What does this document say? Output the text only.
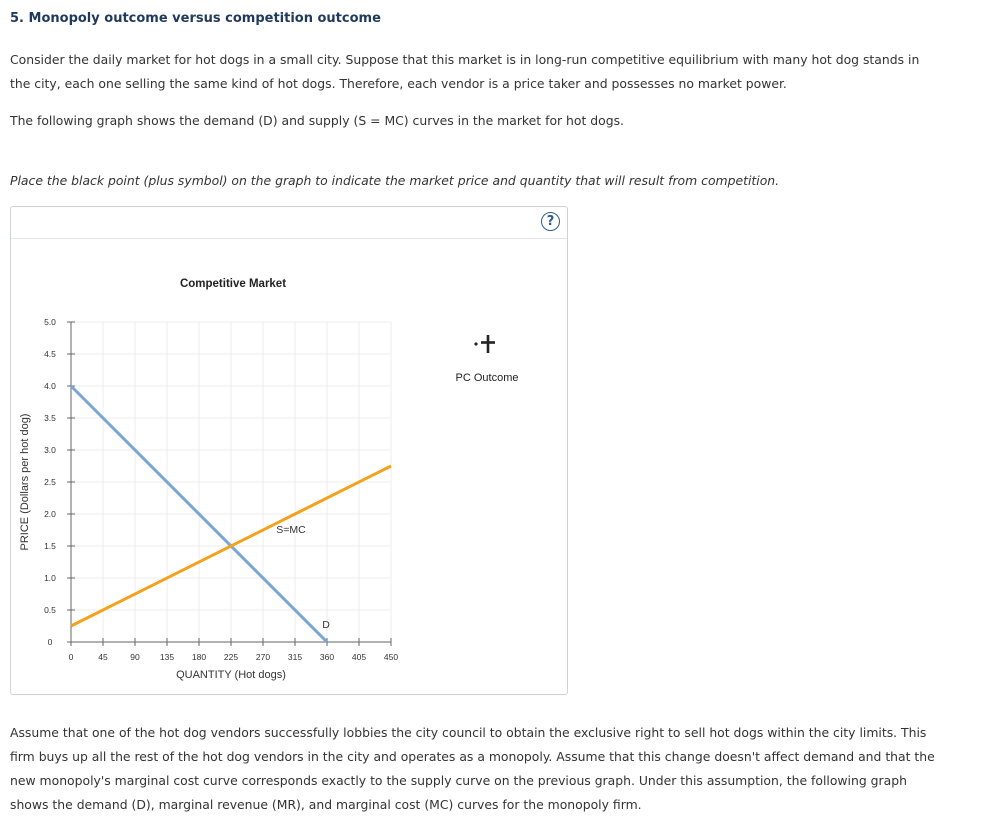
5. Monopoly outcome versus competition outcome

Consider the daily market for hot dogs in a small city. Suppose that this market is in long-run competitive equilibrium with many hot dog stands in the city, each one selling the same kind of hot dogs. Therefore, each vendor is a price taker and possesses no market power.

The following graph shows the demand (D) and supply (S = MC) curves in the market for hot dogs.

Place the black point (plus symbol) on the graph to indicate the market price and quantity that will result from competition.

?
0	45	90 135 180 225 270 315 360 405 450
0
0.5
1.0
1.5
2.0
2.5
3.0
3.5
4.0
4.5
5.0
Competitive Market
QUANTITY (Hot dogs)
PRICE (Dollars per hot dog)
D
S=MC
PC Outcome

Assume that one of the hot dog vendors successfully lobbies the city council to obtain the exclusive right to sell hot dogs within the city limits. This firm buys up all the rest of the hot dog vendors in the city and operates as a monopoly. Assume that this change doesn't affect demand and that the new monopoly's marginal cost curve corresponds exactly to the supply curve on the previous graph. Under this assumption, the following graph shows the demand (D), marginal revenue (MR), and marginal cost (MC) curves for the monopoly firm.
